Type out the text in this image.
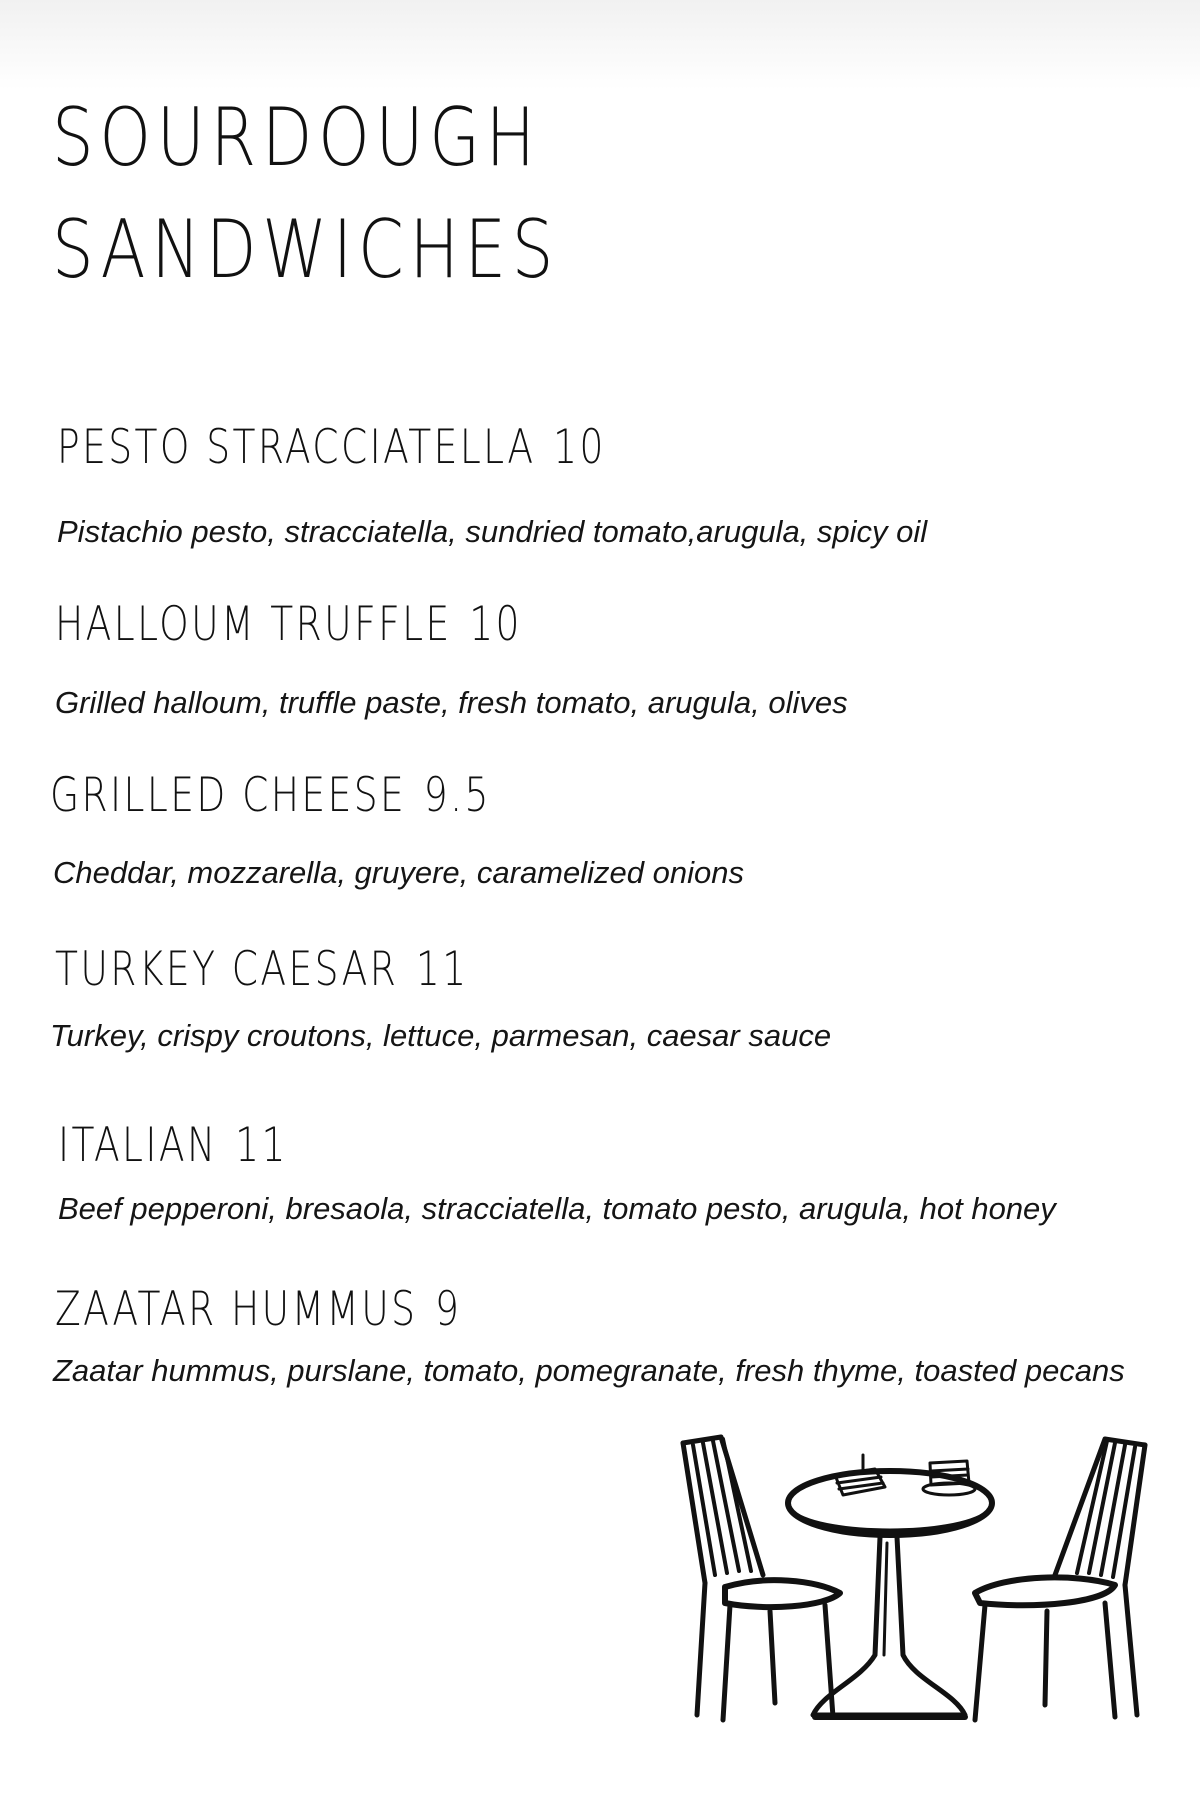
SOURDOUGH
SANDWICHES
PESTO STRACCIATELLA 10

Pistachio pesto, stracciatella, sundried tomato,arugula, spicy oil

HALLOUM TRUFFLE 10

Grilled halloum, truffle paste, fresh tomato, arugula, olives

GRILLED CHEESE 9.5

Cheddar, mozzarella, gruyere, caramelized onions

TURKEY CAESAR 11

Turkey, crispy croutons, lettuce, parmesan, caesar sauce

ITALIAN 11

Beef pepperoni, bresaola, stracciatella, tomato pesto, arugula, hot honey

ZAATAR HUMMUS 9

Zaatar hummus, purslane, tomato, pomegranate, fresh thyme, toasted pecans
